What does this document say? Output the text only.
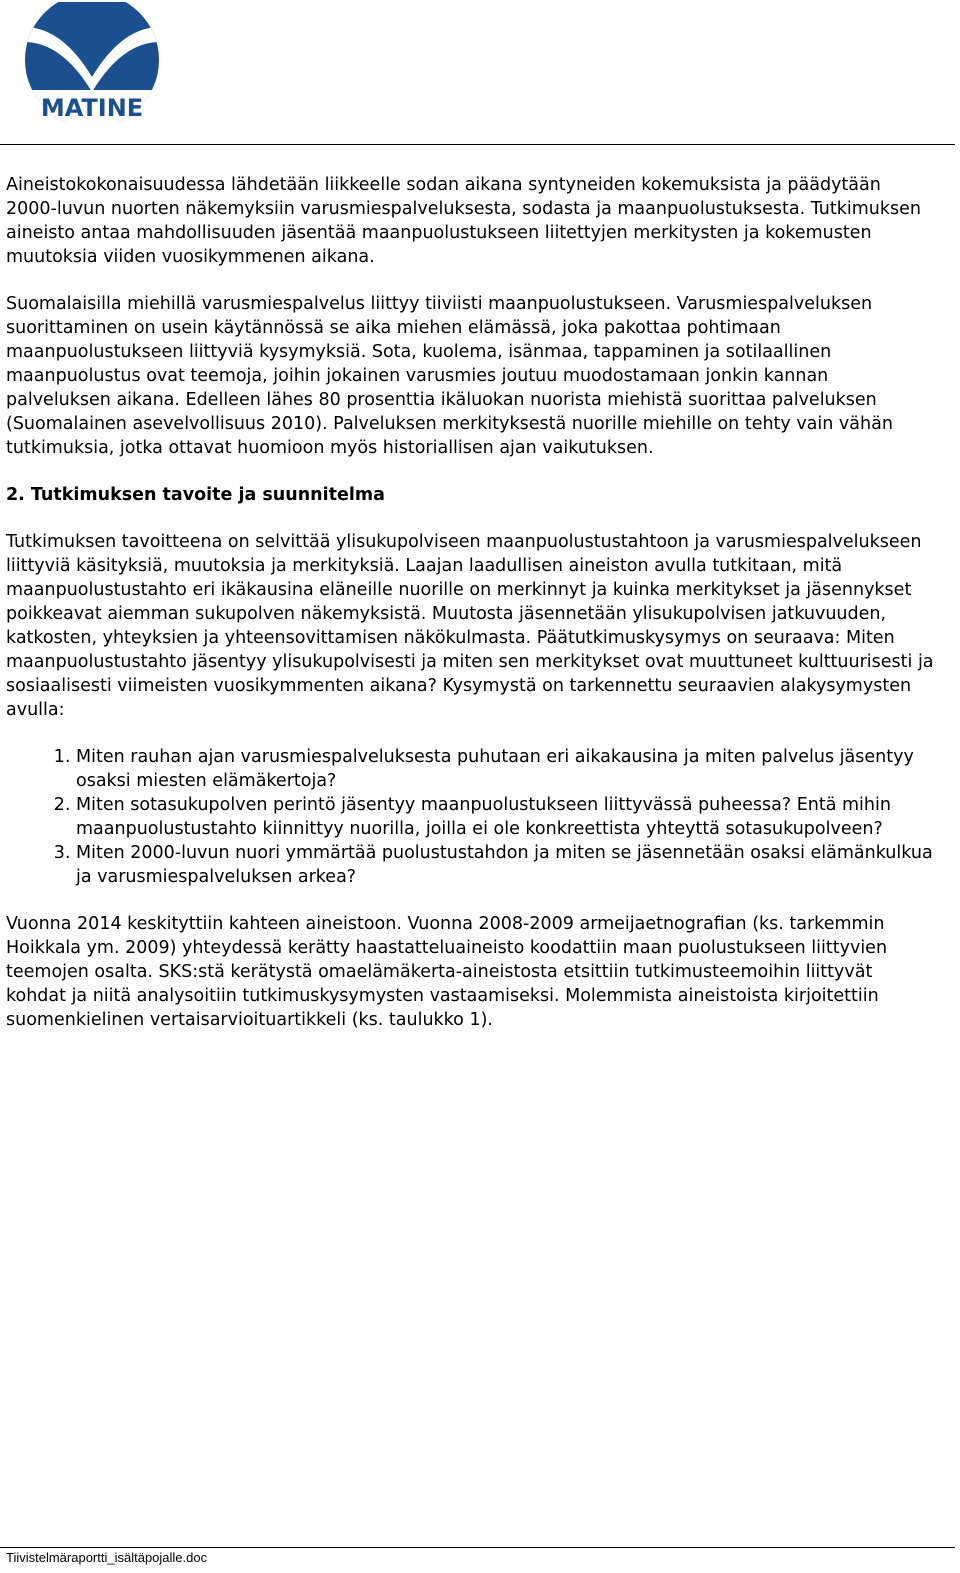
MATINE

Aineistokokonaisuudessa lähdetään liikkeelle sodan aikana syntyneiden kokemuksista ja päädytään 2000-luvun nuorten näkemyksiin varusmiespalveluksesta, sodasta ja maanpuolustuksesta. Tutkimuksen aineisto antaa mahdollisuuden jäsentää maanpuolustukseen liitettyjen merkitysten ja kokemusten muutoksia viiden vuosikymmenen aikana.

Suomalaisilla miehillä varusmiespalvelus liittyy tiiviisti maanpuolustukseen. Varusmiespalveluksen suorittaminen on usein käytännössä se aika miehen elämässä, joka pakottaa pohtimaan maanpuolustukseen liittyviä kysymyksiä. Sota, kuolema, isänmaa, tappaminen ja sotilaallinen maanpuolustus ovat teemoja, joihin jokainen varusmies joutuu muodostamaan jonkin kannan palveluksen aikana. Edelleen lähes 80 prosenttia ikäluokan nuorista miehistä suorittaa palveluksen (Suomalainen asevelvollisuus 2010). Palveluksen merkityksestä nuorille miehille on tehty vain vähän tutkimuksia, jotka ottavat huomioon myös historiallisen ajan vaikutuksen.

2. Tutkimuksen tavoite ja suunnitelma

Tutkimuksen tavoitteena on selvittää ylisukupolviseen maanpuolustustahtoon ja varusmiespalvelukseen liittyviä käsityksiä, muutoksia ja merkityksiä. Laajan laadullisen aineiston avulla tutkitaan, mitä maanpuolustustahto eri ikäkausina eläneille nuorille on merkinnyt ja kuinka merkitykset ja jäsennykset poikkeavat aiemman sukupolven näkemyksistä. Muutosta jäsennetään ylisukupolvisen jatkuvuuden, katkosten, yhteyksien ja yhteensovittamisen näkökulmasta. Päätutkimuskysymys on seuraava: Miten maanpuolustustahto jäsentyy ylisukupolvisesti ja miten sen merkitykset ovat muuttuneet kulttuurisesti ja sosiaalisesti viimeisten vuosikymmenten aikana? Kysymystä on tarkennettu seuraavien alakysymysten avulla:

1. Miten rauhan ajan varusmiespalveluksesta puhutaan eri aikakausina ja miten palvelus jäsentyy osaksi miesten elämäkertoja?
2. Miten sotasukupolven perintö jäsentyy maanpuolustukseen liittyvässä puheessa? Entä mihin maanpuolustustahto kiinnittyy nuorilla, joilla ei ole konkreettista yhteyttä sotasukupolveen?
3. Miten 2000-luvun nuori ymmärtää puolustustahdon ja miten se jäsennetään osaksi elämänkulkua ja varusmiespalveluksen arkea?

Vuonna 2014 keskityttiin kahteen aineistoon. Vuonna 2008-2009 armeijaetnografian (ks. tarkemmin Hoikkala ym. 2009) yhteydessä kerätty haastatteluaineisto koodattiin maan puolustukseen liittyvien teemojen osalta. SKS:stä kerätystä omaelämäkerta-aineistosta etsittiin tutkimusteemoihin liittyvät kohdat ja niitä analysoitiin tutkimuskysymysten vastaamiseksi. Molemmista aineistoista kirjoitettiin suomenkielinen vertaisarvioituartikkeli (ks. taulukko 1).

Tiivistelmäraportti_isältäpojalle.doc
